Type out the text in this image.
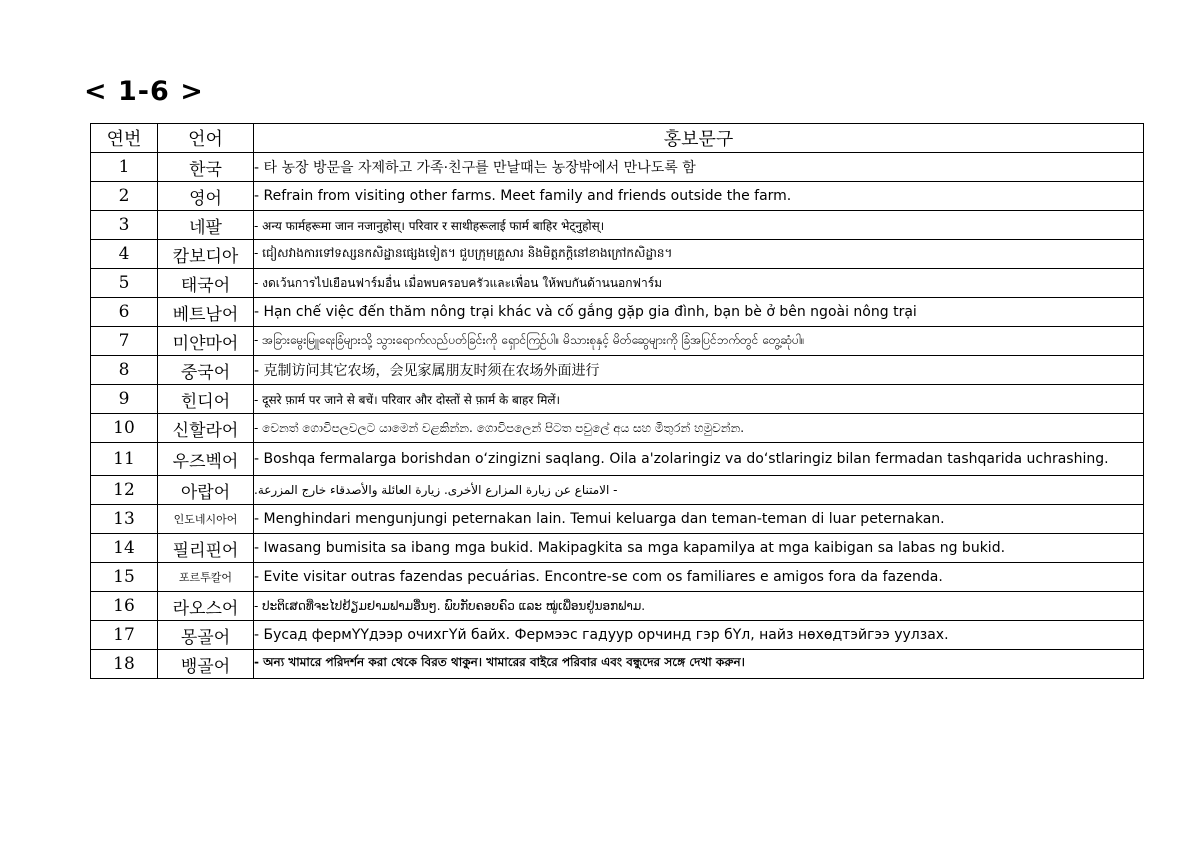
< 1-6 >
연번	언어	홍보문구
1	한국	- 타 농장 방문을 자제하고 가족·친구를 만날때는 농장밖에서 만나도록 함
2	영어	- Refrain from visiting other farms. Meet family and friends outside the farm.
3	네팔	- अन्य फार्महरूमा जान नजानुहोस्। परिवार र साथीहरूलाई फार्म बाहिर भेट्नुहोस्।
4	캄보디아	- ជៀសវាងការទៅទស្សនកសិដ្ឋានផ្សេងទៀត។ ជួបក្រុមគ្រួសារ និងមិត្តភក្តិនៅខាងក្រៅកសិដ្ឋាន។
5	태국어	- งดเว้นการไปเยือนฟาร์มอื่น เมื่อพบครอบครัวและเพื่อน ให้พบกันด้านนอกฟาร์ม
6	베트남어	- Hạn chế việc đến thăm nông trại khác và cố gắng gặp gia đình, bạn bè ở bên ngoài nông trại
7	미얀마어	- အခြားမွေးမြူရေးခြံများသို့ သွားရောက်လည်ပတ်ခြင်းကို ရှောင်ကြဉ်ပါ။ မိသားစုနှင့် မိတ်ဆွေများကို ခြံအပြင်ဘက်တွင် တွေ့ဆုံပါ။
8	중국어	- 克制访问其它农场，会见家属朋友时须在农场外面进行
9	힌디어	- दूसरे फ़ार्म पर जाने से बचें। परिवार और दोस्तों से फ़ार्म के बाहर मिलें।
10	신할라어	- වෙනත් ගොවිපලවලට යාමෙන් වළකින්න. ගොවිපලෙන් පිටත පවුලේ අය සහ මිතුරන් හමුවන්න.
11	우즈벡어	- Boshqa fermalarga borishdan o‘zingizni saqlang. Oila a'zolaringiz va do‘stlaringiz bilan fermadan tashqarida uchrashing.
12	아랍어	- الامتناع عن زيارة المزارع الأخرى. زيارة العائلة والأصدقاء خارج المزرعة.
13	인도네시아어	- Menghindari mengunjungi peternakan lain. Temui keluarga dan teman-teman di luar peternakan.
14	필리핀어	- Iwasang bumisita sa ibang mga bukid. Makipagkita sa mga kapamilya at mga kaibigan sa labas ng bukid.
15	포르투칼어	- Evite visitar outras fazendas pecuárias. Encontre-se com os familiares e amigos fora da fazenda.
16	라오스어	- ປະຕິເສດທີ່ຈະໄປຢ້ຽມຢາມຟາມອື່ນໆ. ພົບກັບຄອບຄົວ ແລະ ໝູ່ເພື່ອນຢູ່ນອກຟາມ.
17	몽골어	- Бусад фермҮҮдээр очихгҮй байх. Фермээс гадуур орчинд гэр бҮл, найз нөхөдтэйгээ уулзах.
18	뱅골어	- অন্য খামারে পরিদর্শন করা থেকে বিরত থাকুন। খামারের বাইরে পরিবার এবং বন্ধুদের সঙ্গে দেখা করুন।
